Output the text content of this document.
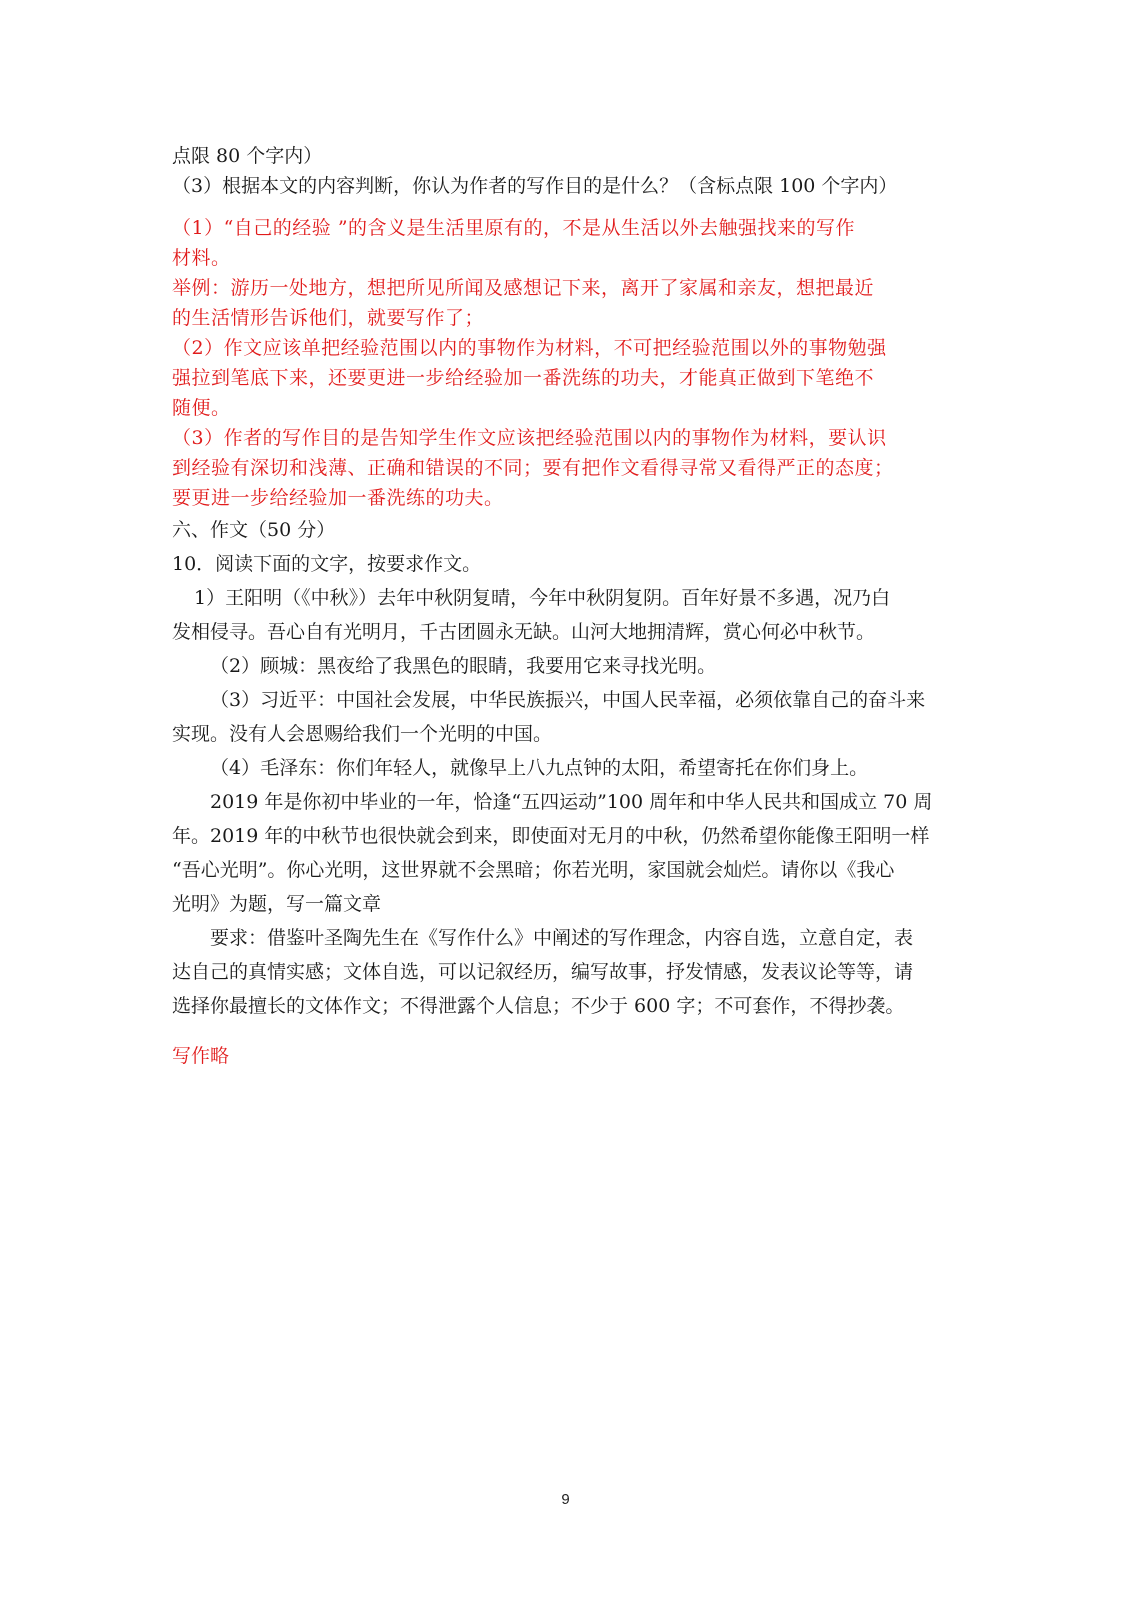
点限 80 个字内）

（3）根据本文的内容判断，你认为作者的写作目的是什么？（含标点限 100 个字内）

（1）“自己的经验 ”的含义是生活里原有的，不是从生活以外去触强找来的写作

材料。

举例：游历一处地方，想把所见所闻及感想记下来，离开了家属和亲友，想把最近

的生活情形告诉他们，就要写作了；

（2）作文应该单把经验范围以内的事物作为材料，不可把经验范围以外的事物勉强

强拉到笔底下来，还要更进一步给经验加一番洗练的功夫，才能真正做到下笔绝不

随便。

（3）作者的写作目的是告知学生作文应该把经验范围以内的事物作为材料，要认识

到经验有深切和浅薄、正确和错误的不同；要有把作文看得寻常又看得严正的态度；

要更进一步给经验加一番洗练的功夫。

六、作文（50 分）

10．阅读下面的文字，按要求作文。

1）王阳明（《中秋》）去年中秋阴复晴，今年中秋阴复阴。百年好景不多遇，况乃白

发相侵寻。吾心自有光明月，千古团圆永无缺。山河大地拥清辉，赏心何必中秋节。

（2）顾城：黑夜给了我黑色的眼睛，我要用它来寻找光明。

（3）习近平：中国社会发展，中华民族振兴，中国人民幸福，必须依靠自己的奋斗来

实现。没有人会恩赐给我们一个光明的中国。

（4）毛泽东：你们年轻人，就像早上八九点钟的太阳，希望寄托在你们身上。

2019 年是你初中毕业的一年，恰逢“五四运动”100 周年和中华人民共和国成立 70 周

年。2019 年的中秋节也很快就会到来，即使面对无月的中秋，仍然希望你能像王阳明一样

“吾心光明”。你心光明，这世界就不会黑暗；你若光明，家国就会灿烂。请你以《我心

光明》为题，写一篇文章

要求：借鉴叶圣陶先生在《写作什么》中阐述的写作理念，内容自选，立意自定，表

达自己的真情实感；文体自选，可以记叙经历，编写故事，抒发情感，发表议论等等，请

选择你最擅长的文体作文；不得泄露个人信息；不少于 600 字；不可套作，不得抄袭。

写作略

9
